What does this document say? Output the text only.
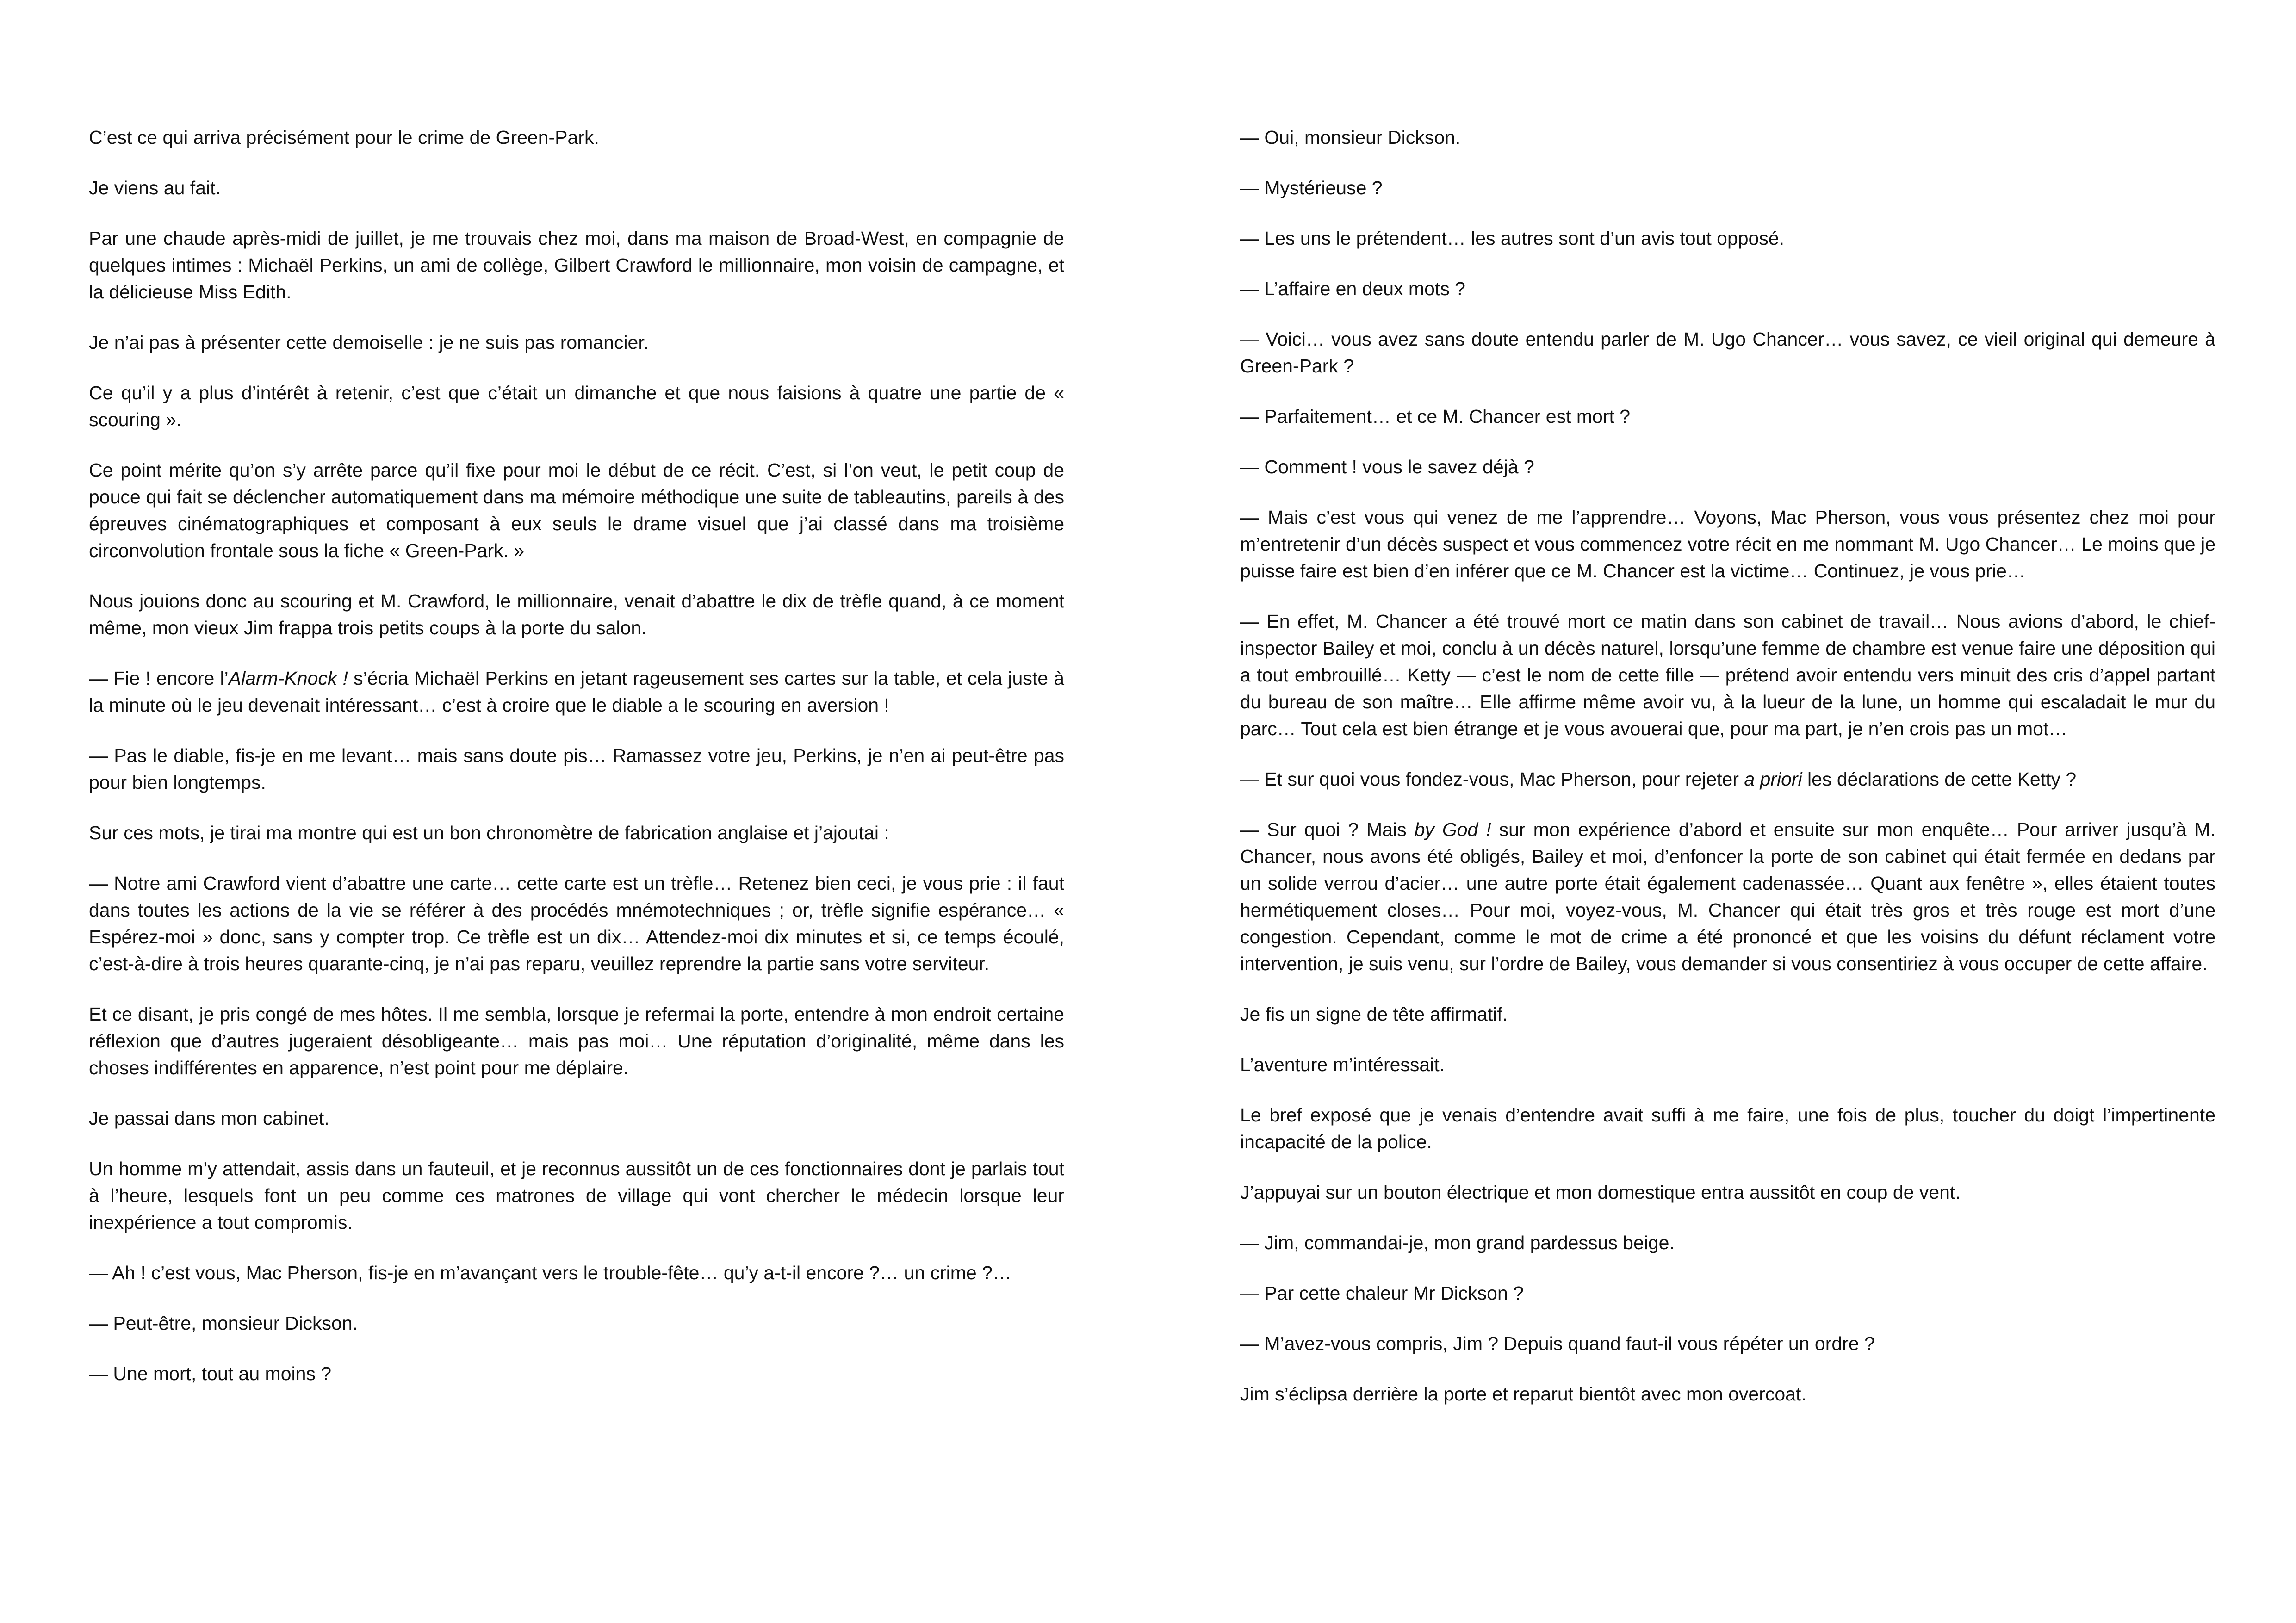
C’est ce qui arriva précisément pour le crime de Green-Park.

Je viens au fait.

Par une chaude après-midi de juillet, je me trouvais chez moi, dans ma maison de Broad-West, en compagnie de quelques intimes : Michaël Perkins, un ami de collège, Gilbert Crawford le millionnaire, mon voisin de campagne, et la délicieuse Miss Edith.

Je n’ai pas à présenter cette demoiselle : je ne suis pas romancier.

Ce qu’il y a plus d’intérêt à retenir, c’est que c’était un dimanche et que nous faisions à quatre une partie de « scouring ».

Ce point mérite qu’on s’y arrête parce qu’il fixe pour moi le début de ce récit. C’est, si l’on veut, le petit coup de pouce qui fait se déclencher automatiquement dans ma mémoire méthodique une suite de tableautins, pareils à des épreuves cinématographiques et composant à eux seuls le drame visuel que j’ai classé dans ma troisième circonvolution frontale sous la fiche « Green-Park. »

Nous jouions donc au scouring et M. Crawford, le millionnaire, venait d’abattre le dix de trèfle quand, à ce moment même, mon vieux Jim frappa trois petits coups à la porte du salon.

— Fie ! encore l’Alarm-Knock ! s’écria Michaël Perkins en jetant rageusement ses cartes sur la table, et cela juste à la minute où le jeu devenait intéressant… c’est à croire que le diable a le scouring en aversion !

— Pas le diable, fis-je en me levant… mais sans doute pis… Ramassez votre jeu, Perkins, je n’en ai peut-être pas pour bien longtemps.

Sur ces mots, je tirai ma montre qui est un bon chronomètre de fabrication anglaise et j’ajoutai :

— Notre ami Crawford vient d’abattre une carte… cette carte est un trèfle… Retenez bien ceci, je vous prie : il faut dans toutes les actions de la vie se référer à des procédés mnémotechniques ; or, trèfle signifie espérance… « Espérez-moi » donc, sans y compter trop. Ce trèfle est un dix… Attendez-moi dix minutes et si, ce temps écoulé, c’est-à-dire à trois heures quarante-cinq, je n’ai pas reparu, veuillez reprendre la partie sans votre serviteur.

Et ce disant, je pris congé de mes hôtes. Il me sembla, lorsque je refermai la porte, entendre à mon endroit certaine réflexion que d’autres jugeraient désobligeante… mais pas moi… Une réputation d’originalité, même dans les choses indifférentes en apparence, n’est point pour me déplaire.

Je passai dans mon cabinet.

Un homme m’y attendait, assis dans un fauteuil, et je reconnus aussitôt un de ces fonctionnaires dont je parlais tout à l’heure, lesquels font un peu comme ces matrones de village qui vont chercher le médecin lorsque leur inexpérience a tout compromis.

— Ah ! c’est vous, Mac Pherson, fis-je en m’avançant vers le trouble-fête… qu’y a-t-il encore ?… un crime ?…

— Peut-être, monsieur Dickson.

— Une mort, tout au moins ?

— Oui, monsieur Dickson.

— Mystérieuse ?

— Les uns le prétendent… les autres sont d’un avis tout opposé.

— L’affaire en deux mots ?

— Voici… vous avez sans doute entendu parler de M. Ugo Chancer… vous savez, ce vieil original qui demeure à Green-Park ?

— Parfaitement… et ce M. Chancer est mort ?

— Comment ! vous le savez déjà ?

— Mais c’est vous qui venez de me l’apprendre… Voyons, Mac Pherson, vous vous présentez chez moi pour m’entretenir d’un décès suspect et vous commencez votre récit en me nommant M. Ugo Chancer… Le moins que je puisse faire est bien d’en inférer que ce M. Chancer est la victime… Continuez, je vous prie…

— En effet, M. Chancer a été trouvé mort ce matin dans son cabinet de travail… Nous avions d’abord, le chief-inspector Bailey et moi, conclu à un décès naturel, lorsqu’une femme de chambre est venue faire une déposition qui a tout embrouillé… Ketty — c’est le nom de cette fille — prétend avoir entendu vers minuit des cris d’appel partant du bureau de son maître… Elle affirme même avoir vu, à la lueur de la lune, un homme qui escaladait le mur du parc… Tout cela est bien étrange et je vous avouerai que, pour ma part, je n’en crois pas un mot…

— Et sur quoi vous fondez-vous, Mac Pherson, pour rejeter a priori les déclarations de cette Ketty ?

— Sur quoi ? Mais by God ! sur mon expérience d’abord et ensuite sur mon enquête… Pour arriver jusqu’à M. Chancer, nous avons été obligés, Bailey et moi, d’enfoncer la porte de son cabinet qui était fermée en dedans par un solide verrou d’acier… une autre porte était également cadenassée… Quant aux fenêtre », elles étaient toutes hermétiquement closes… Pour moi, voyez-vous, M. Chancer qui était très gros et très rouge est mort d’une congestion. Cependant, comme le mot de crime a été prononcé et que les voisins du défunt réclament votre intervention, je suis venu, sur l’ordre de Bailey, vous demander si vous consentiriez à vous occuper de cette affaire.

Je fis un signe de tête affirmatif.

L’aventure m’intéressait.

Le bref exposé que je venais d’entendre avait suffi à me faire, une fois de plus, toucher du doigt l’impertinente incapacité de la police.

J’appuyai sur un bouton électrique et mon domestique entra aussitôt en coup de vent.

— Jim, commandai-je, mon grand pardessus beige.

— Par cette chaleur Mr Dickson ?

— M’avez-vous compris, Jim ? Depuis quand faut-il vous répéter un ordre ?

Jim s’éclipsa derrière la porte et reparut bientôt avec mon overcoat.
